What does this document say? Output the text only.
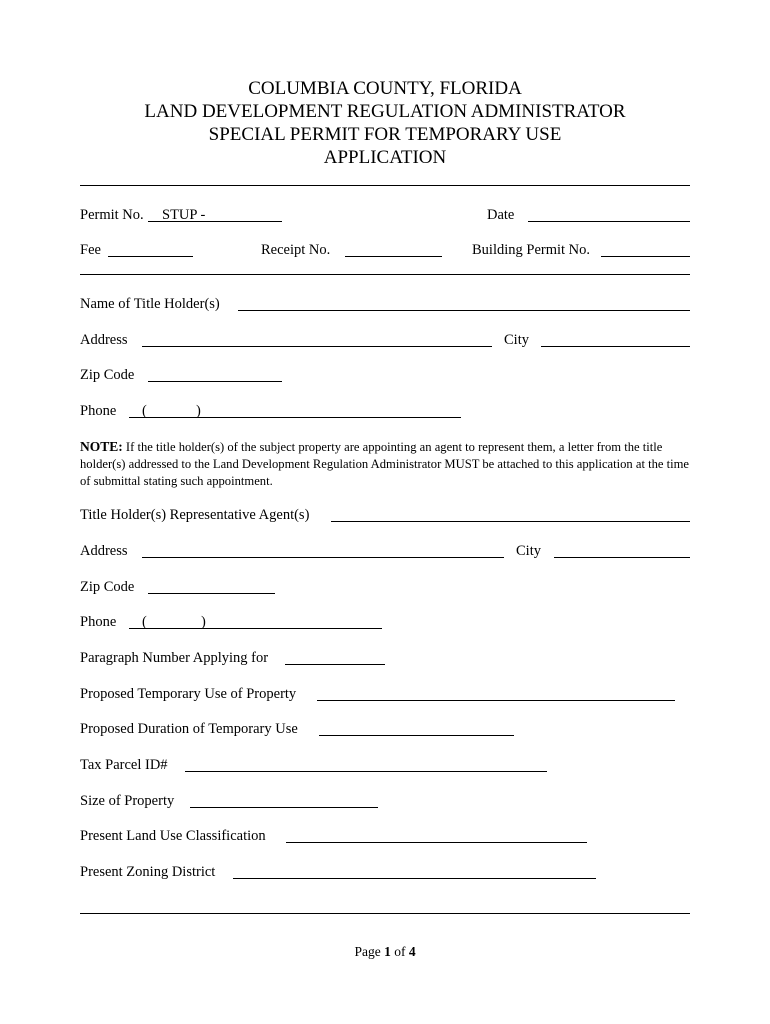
COLUMBIA COUNTY, FLORIDA
LAND DEVELOPMENT REGULATION ADMINISTRATOR
SPECIAL PERMIT FOR TEMPORARY USE
APPLICATION
Permit No. STUP -	Date
Fee	Receipt No.	Building Permit No.
Name of Title Holder(s)
Address	City
Zip Code
Phone (	)
NOTE: If the title holder(s) of the subject property are appointing an agent to represent them, a letter from the title holder(s) addressed to the Land Development Regulation Administrator MUST be attached to this application at the time of submittal stating such appointment.
Title Holder(s) Representative Agent(s)
Address	City
Zip Code
Phone (	)
Paragraph Number Applying for
Proposed Temporary Use of Property
Proposed Duration of Temporary Use
Tax Parcel ID#
Size of Property
Present Land Use Classification
Present Zoning District
Page 1 of 4
